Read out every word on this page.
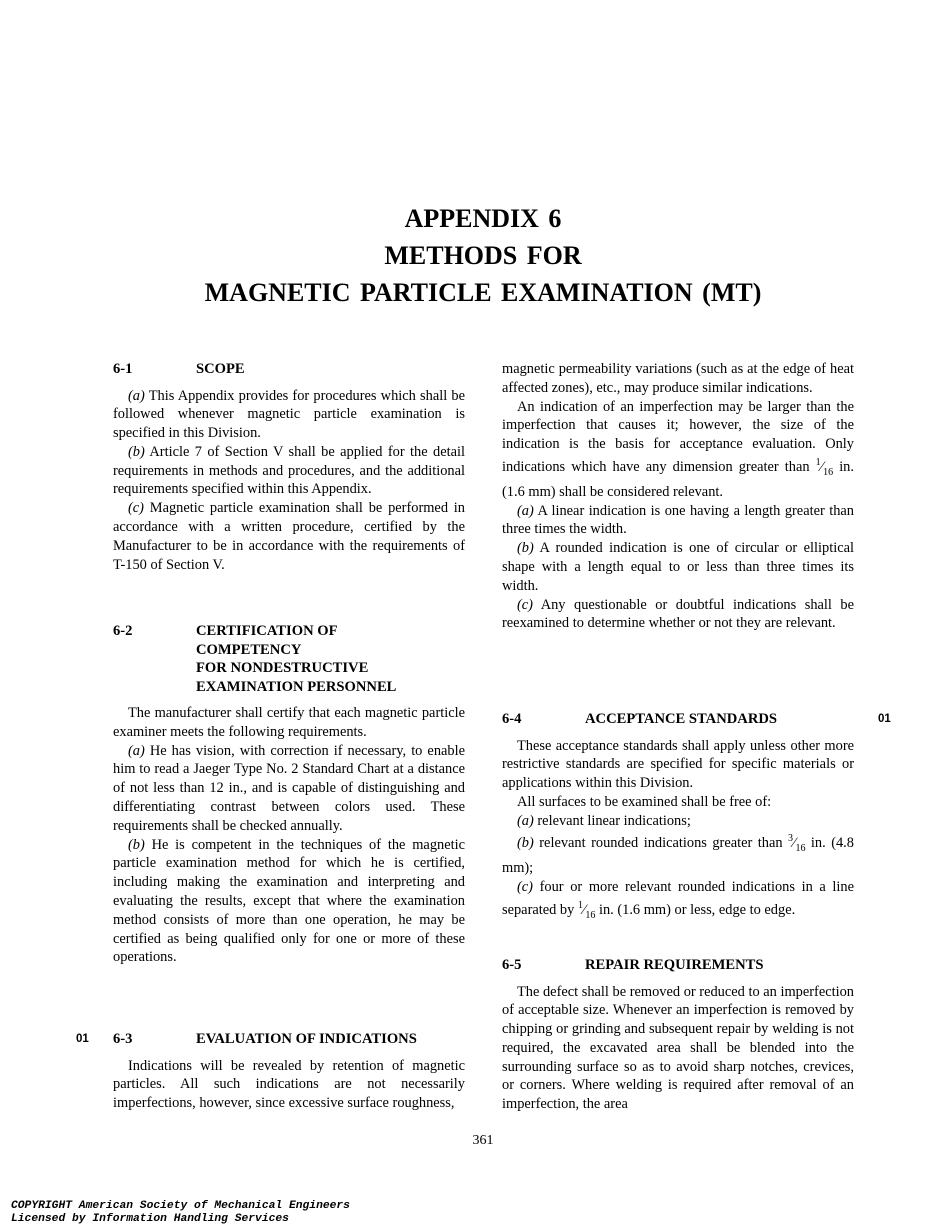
APPENDIX 6
METHODS FOR
MAGNETIC PARTICLE EXAMINATION (MT)
6-1	SCOPE

(a) This Appendix provides for procedures which shall be followed whenever magnetic particle examination is specified in this Division.

(b) Article 7 of Section V shall be applied for the detail requirements in methods and procedures, and the additional requirements specified within this Appendix.

(c) Magnetic particle examination shall be performed in accordance with a written procedure, certified by the Manufacturer to be in accordance with the requirements of T-150 of Section V.

6-2	CERTIFICATION OF
COMPETENCY
FOR NONDESTRUCTIVE
EXAMINATION PERSONNEL

The manufacturer shall certify that each magnetic particle examiner meets the following requirements.

(a) He has vision, with correction if necessary, to enable him to read a Jaeger Type No. 2 Standard Chart at a distance of not less than 12 in., and is capable of distinguishing and differentiating contrast between colors used. These requirements shall be checked annually.

(b) He is competent in the techniques of the magnetic particle examination method for which he is certified, including making the examination and interpreting and evaluating the results, except that where the examination method consists of more than one operation, he may be certified as being qualified only for one or more of these operations.

01 6-3	EVALUATION OF INDICATIONS

Indications will be revealed by retention of magnetic particles. All such indications are not necessarily imperfections, however, since excessive surface roughness,

magnetic permeability variations (such as at the edge of heat affected zones), etc., may produce similar indications.

An indication of an imperfection may be larger than the imperfection that causes it; however, the size of the indication is the basis for acceptance evaluation. Only indications which have any dimension greater than $^1⁄_{16}$ in. (1.6 mm) shall be considered relevant.

(a) A linear indication is one having a length greater than three times the width.

(b) A rounded indication is one of circular or elliptical shape with a length equal to or less than three times its width.

(c) Any questionable or doubtful indications shall be reexamined to determine whether or not they are relevant.

6-4	ACCEPTANCE STANDARDS	01

These acceptance standards shall apply unless other more restrictive standards are specified for specific materials or applications within this Division.

All surfaces to be examined shall be free of:

(a) relevant linear indications;

(b) relevant rounded indications greater than $^3⁄_{16}$ in. (4.8 mm);

(c) four or more relevant rounded indications in a line separated by $^1⁄_{16}$ in. (1.6 mm) or less, edge to edge.

6-5	REPAIR REQUIREMENTS

The defect shall be removed or reduced to an imperfection of acceptable size. Whenever an imperfection is removed by chipping or grinding and subsequent repair by welding is not required, the excavated area shall be blended into the surrounding surface so as to avoid sharp notches, crevices, or corners. Where welding is required after removal of an imperfection, the area

361
COPYRIGHT American Society of Mechanical Engineers
Licensed by Information Handling Services
